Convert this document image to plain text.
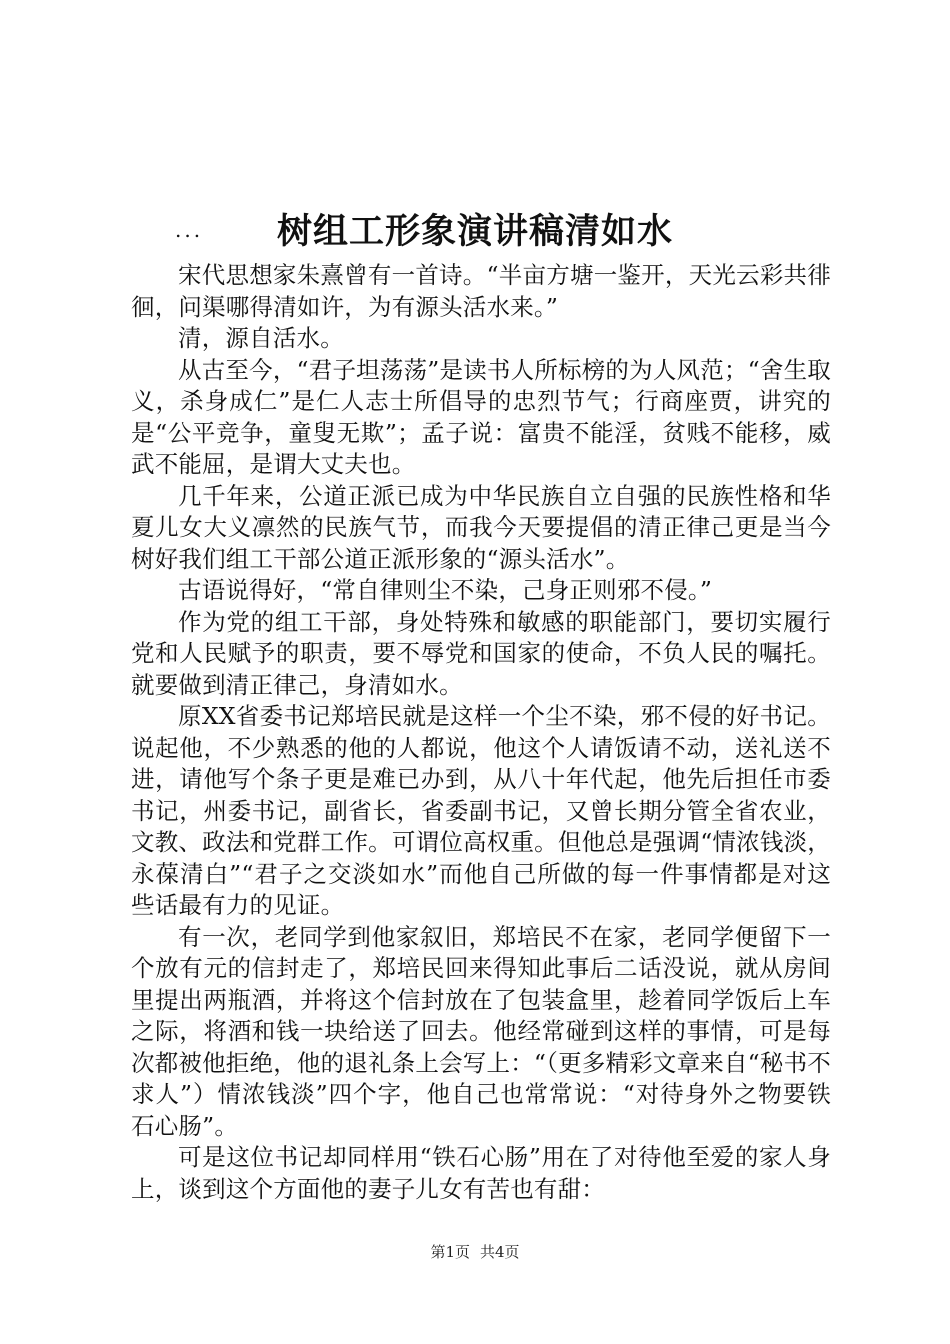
树组工形象演讲稿清如水
...

宋代思想家朱熹曾有一首诗。“半亩方塘一鉴开，天光云彩共徘徊，问渠哪得清如许，为有源头活水来。”

清，源自活水。

从古至今，“君子坦荡荡”是读书人所标榜的为人风范；“舍生取义，杀身成仁”是仁人志士所倡导的忠烈节气；行商座贾，讲究的是“公平竞争，童叟无欺”；孟子说：富贵不能淫，贫贱不能移，威武不能屈，是谓大丈夫也。

几千年来，公道正派已成为中华民族自立自强的民族性格和华夏儿女大义凛然的民族气节，而我今天要提倡的清正律己更是当今树好我们组工干部公道正派形象的“源头活水”。

古语说得好，“常自律则尘不染，己身正则邪不侵。”

作为党的组工干部，身处特殊和敏感的职能部门，要切实履行党和人民赋予的职责，要不辱党和国家的使命，不负人民的嘱托。就要做到清正律己，身清如水。

原XX省委书记郑培民就是这样一个尘不染，邪不侵的好书记。说起他，不少熟悉的他的人都说，他这个人请饭请不动，送礼送不进，请他写个条子更是难已办到，从八十年代起，他先后担任市委书记，州委书记，副省长，省委副书记，又曾长期分管全省农业，文教、政法和党群工作。可谓位高权重。但他总是强调“情浓钱淡，永葆清白”“君子之交淡如水”而他自己所做的每一件事情都是对这些话最有力的见证。

有一次，老同学到他家叙旧，郑培民不在家，老同学便留下一个放有元的信封走了，郑培民回来得知此事后二话没说，就从房间里提出两瓶酒，并将这个信封放在了包装盒里，趁着同学饭后上车之际，将酒和钱一块给送了回去。他经常碰到这样的事情，可是每次都被他拒绝，他的退礼条上会写上：“（更多精彩文章来自“秘书不求人”）情浓钱淡”四个字，他自己也常常说：“对待身外之物要铁石心肠”。

可是这位书记却同样用“铁石心肠”用在了对待他至爱的家人身上，谈到这个方面他的妻子儿女有苦也有甜：

第1页 共4页
